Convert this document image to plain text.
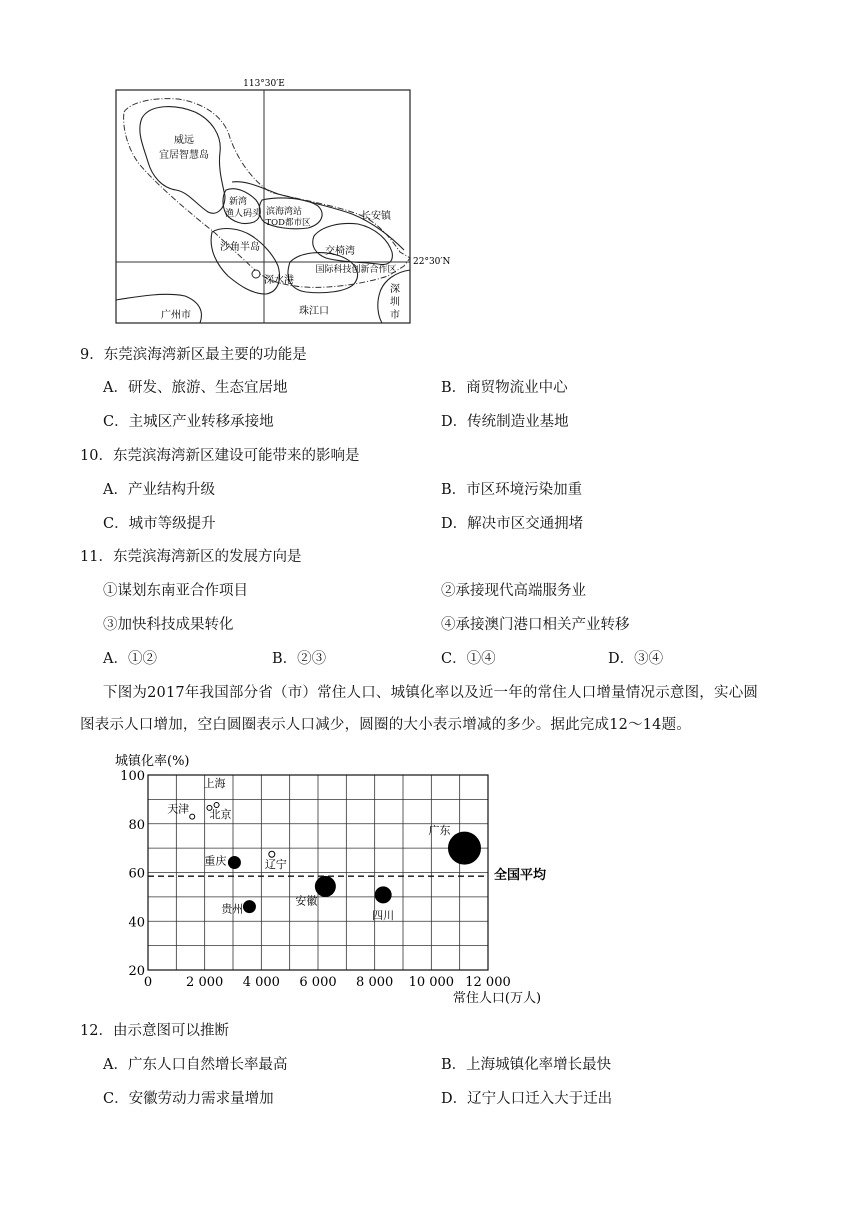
113°30′E
22°30′N
威远
宜居智慧岛
新湾
渔人码头 滨海湾站
TOD都市区
长安镇
沙角半岛	交椅湾
国际科技创新合作区
深水港
深
圳
市
广州市	珠江口
9．东莞滨海湾新区最主要的功能是
A．研发、旅游、生态宜居地	B．商贸物流业中心
C．主城区产业转移承接地	D．传统制造业基地
10．东莞滨海湾新区建设可能带来的影响是
A．产业结构升级	B．市区环境污染加重
C．城市等级提升	D．解决市区交通拥堵
11．东莞滨海湾新区的发展方向是
①谋划东南亚合作项目	②承接现代高端服务业
③加快科技成果转化	④承接澳门港口相关产业转移
A．①②	B．②③	C．①④	D．③④
下图为2017年我国部分省（市）常住人口、城镇化率以及近一年的常住人口增量情况示意图，实心圆
图表示人口增加，空白圆圈表示人口减少，圆圈的大小表示增减的多少。据此完成12～14题。
0	2 000 4 000 6 000 8 000 10 000 12 000
20
40
60
80
100
天津
上海
北京
广东
重庆	辽宁
安徽
四川
贵州
城镇化率(%)
常住人口(万人)
全国平均
12．由示意图可以推断
A．广东人口自然增长率最高	B．上海城镇化率增长最快
C．安徽劳动力需求量增加	D．辽宁人口迁入大于迁出
